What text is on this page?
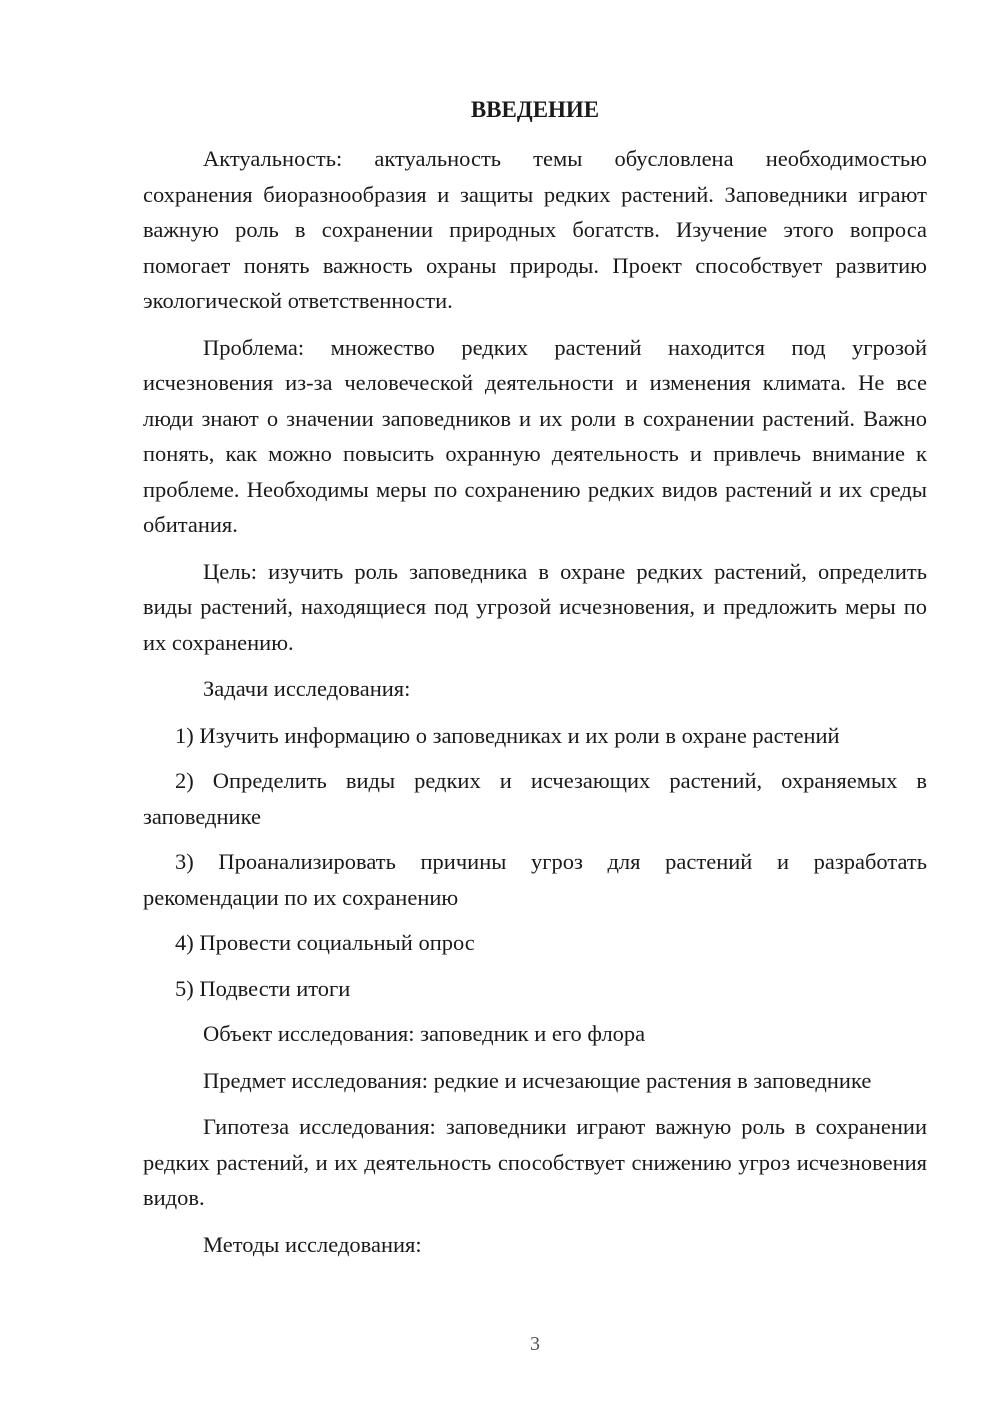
ВВЕДЕНИЕ

Актуальность: актуальность темы обусловлена необходимостью сохранения биоразнообразия и защиты редких растений. Заповедники играют важную роль в сохранении природных богатств. Изучение этого вопроса помогает понять важность охраны природы. Проект способствует развитию экологической ответственности.

Проблема: множество редких растений находится под угрозой исчезновения из-за человеческой деятельности и изменения климата. Не все люди знают о значении заповедников и их роли в сохранении растений. Важно понять, как можно повысить охранную деятельность и привлечь внимание к проблеме. Необходимы меры по сохранению редких видов растений и их среды обитания.

Цель: изучить роль заповедника в охране редких растений, определить виды растений, находящиеся под угрозой исчезновения, и предложить меры по их сохранению.

Задачи исследования:

1) Изучить информацию о заповедниках и их роли в охране растений

2) Определить виды редких и исчезающих растений, охраняемых в заповеднике

3) Проанализировать причины угроз для растений и разработать рекомендации по их сохранению

4) Провести социальный опрос

5) Подвести итоги

Объект исследования: заповедник и его флора

Предмет исследования: редкие и исчезающие растения в заповеднике

Гипотеза исследования: заповедники играют важную роль в сохранении редких растений, и их деятельность способствует снижению угроз исчезновения видов.

Методы исследования:

3
